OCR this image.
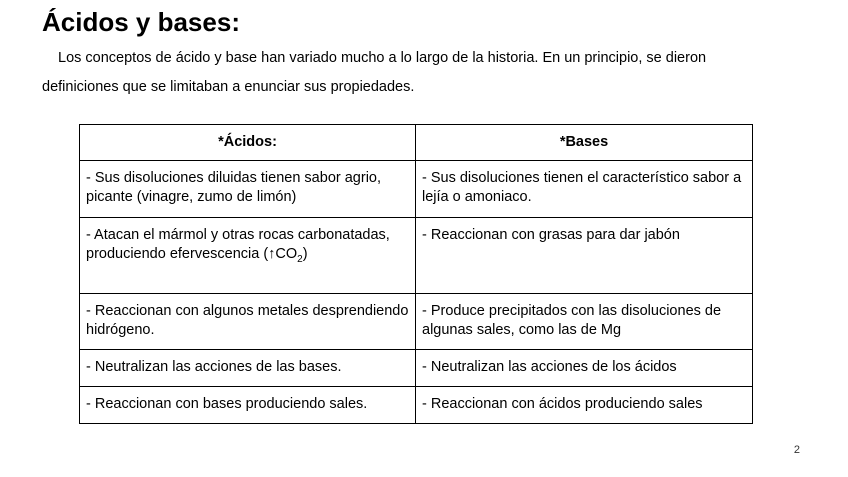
Ácidos y bases:

Los conceptos de ácido y base han variado mucho a lo largo de la historia. En un principio, se dieron definiciones que se limitaban a enunciar sus propiedades.

*Ácidos:	*Bases
- Sus disoluciones diluidas tienen sabor agrio, picante (vinagre, zumo de limón)	- Sus disoluciones tienen el característico sabor a lejía o amoniaco.
- Atacan el mármol y otras rocas carbonatadas, produciendo efervescencia $(↑CO_2)$	- Reaccionan con grasas para dar jabón
- Reaccionan con algunos metales desprendiendo hidrógeno.	- Produce precipitados con las disoluciones de algunas sales, como las de Mg
- Neutralizan las acciones de las bases.	- Neutralizan las acciones de los ácidos
- Reaccionan con bases produciendo sales.	- Reaccionan con ácidos produciendo sales
2
